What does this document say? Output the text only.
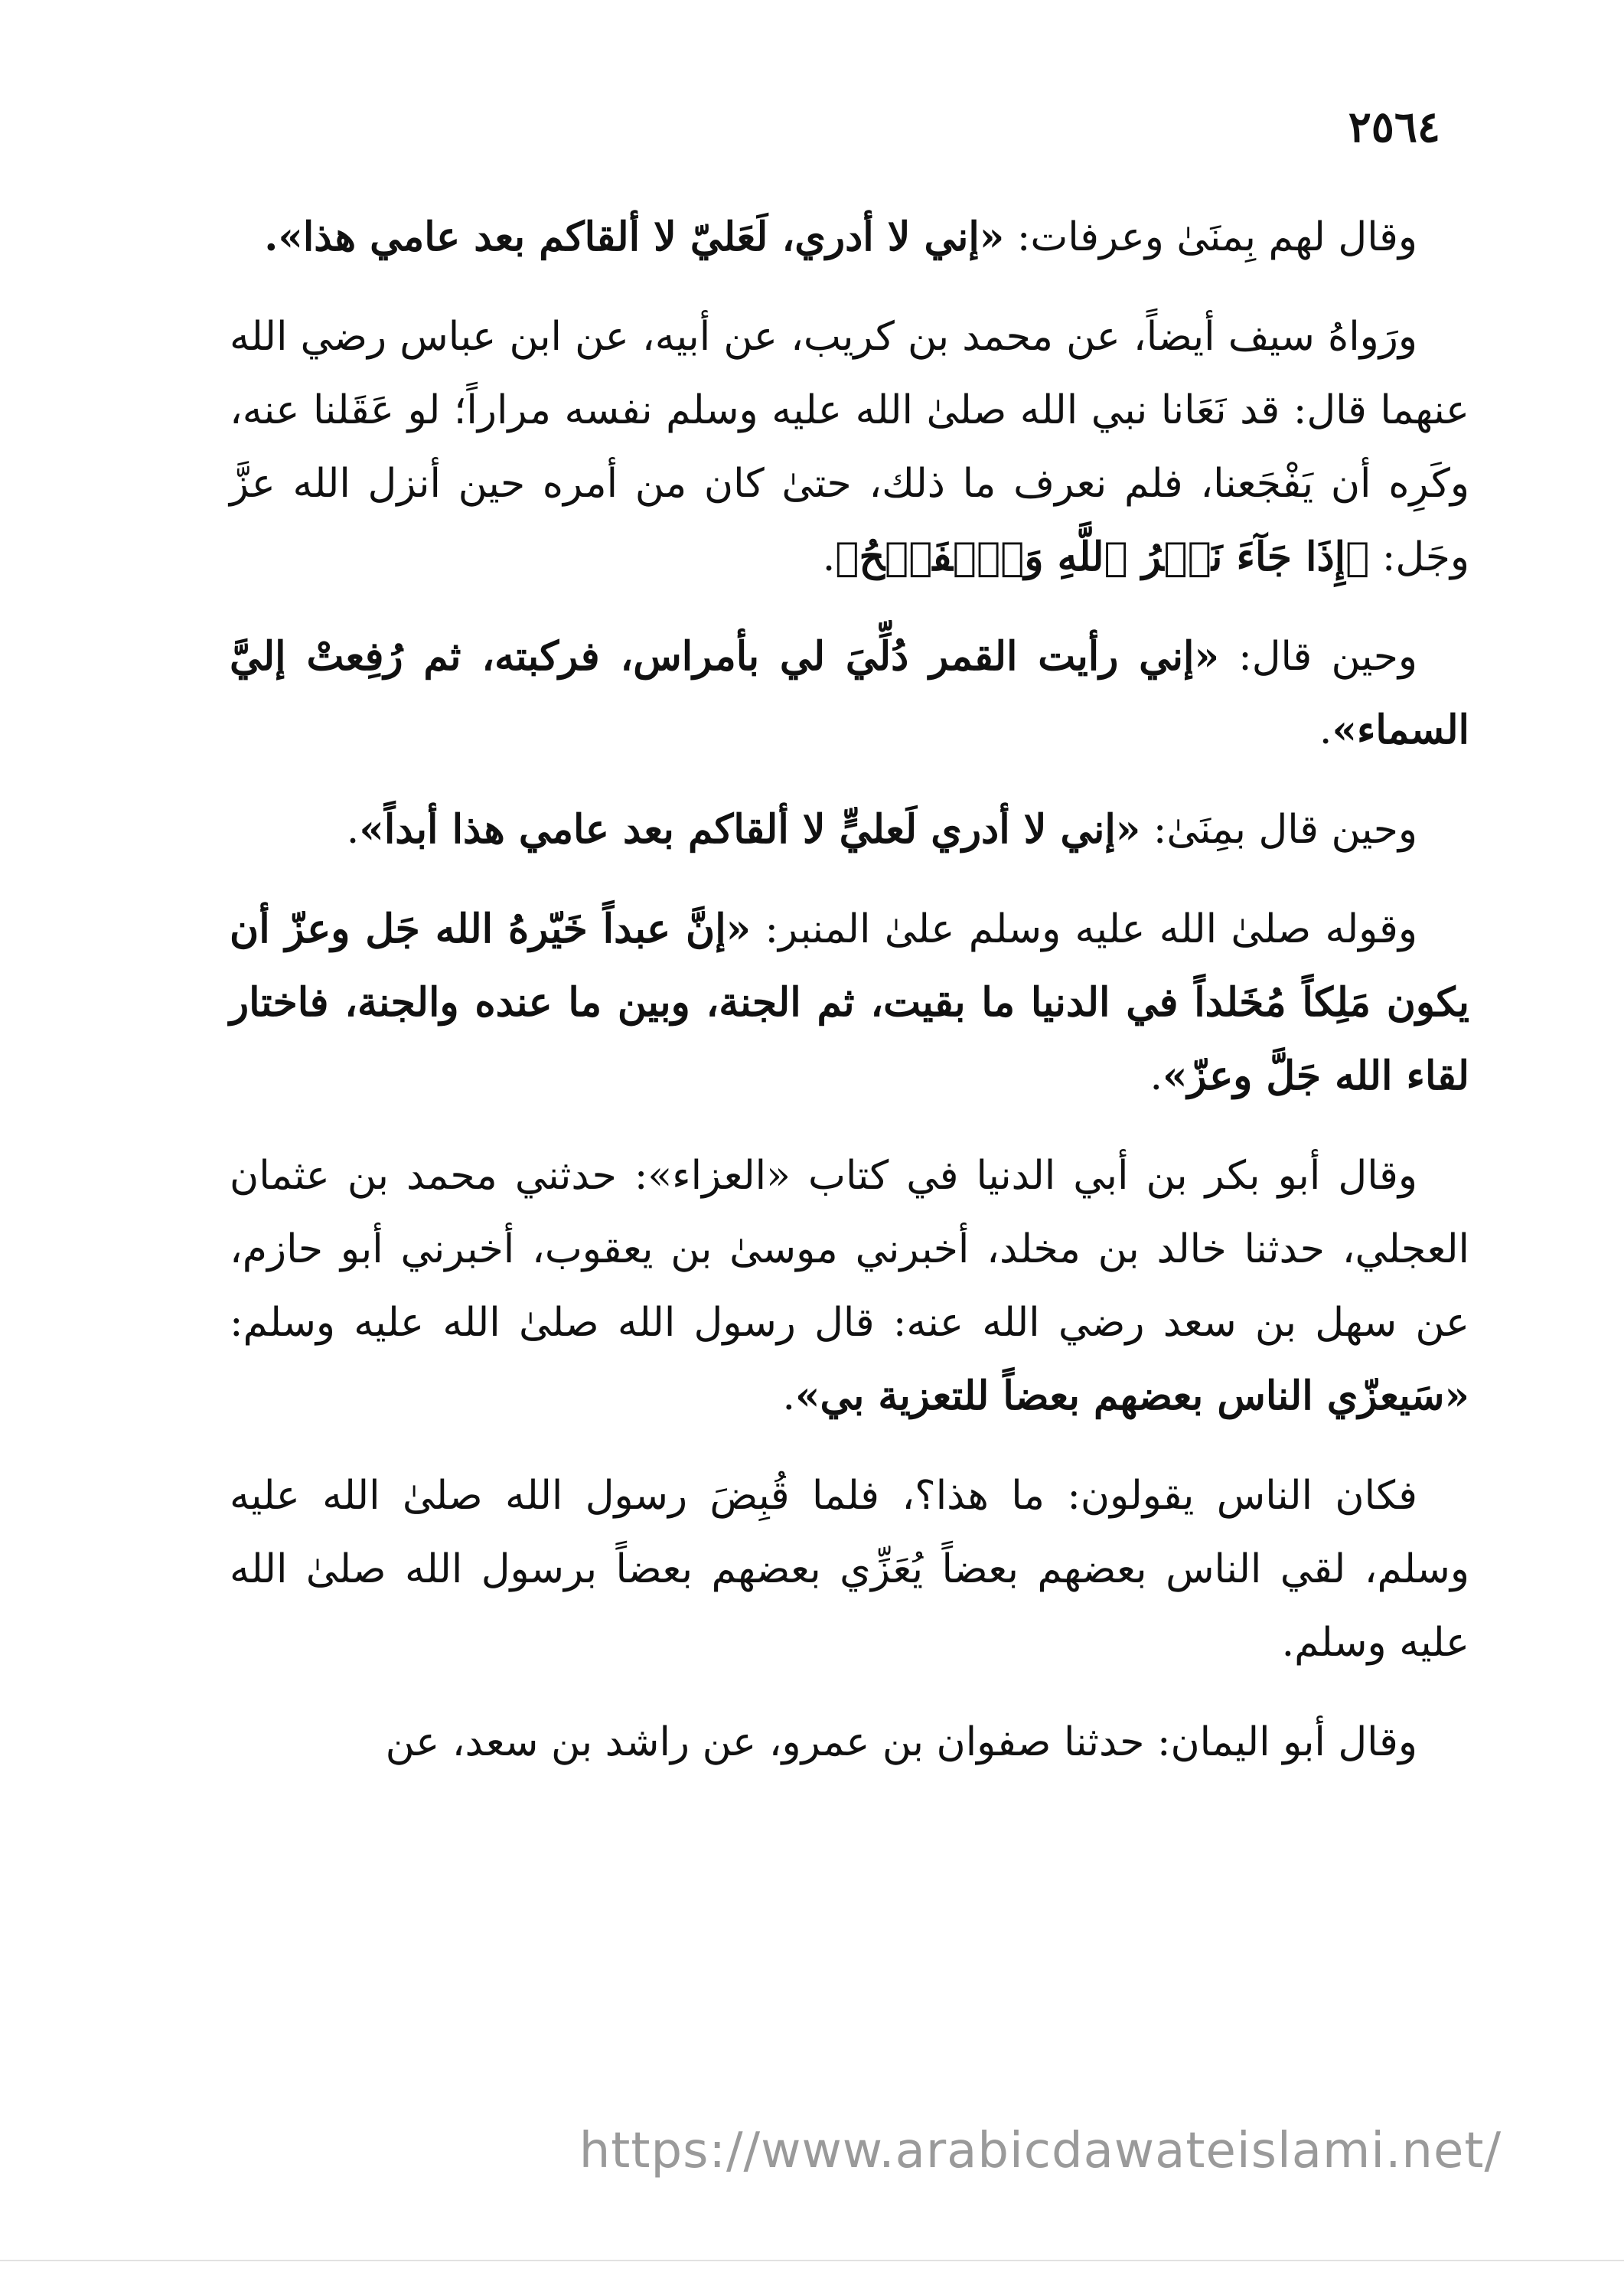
٢٥٦٤

وقال لهم بِمنَىٰ وعرفات: «إني لا أدري، لَعَليّ لا ألقاكم بعد عامي هذا».

ورَواهُ سيف أيضاً، عن محمد بن كريب، عن أبيه، عن ابن عباس رضي الله عنهما قال: قد نَعَانا نبي الله صلىٰ الله عليه وسلم نفسه مراراً؛ لو عَقَلنا عنه، وكَرِه أن يَفْجَعنا، فلم نعرف ما ذلك، حتىٰ كان من أمره حين أنزل الله عزَّ وجَل: ﴿إِذَا جَآءَ نَصۡرُ ٱللَّهِ وَٱلۡفَتۡحُ﴾.

وحين قال: «إني رأيت القمر دُلِّيَ لي بأمراس، فركبته، ثم رُفِعتْ إليَّ السماء».

وحين قال بمِنَىٰ: «إني لا أدري لَعليٍّ لا ألقاكم بعد عامي هذا أبداً».

وقوله صلىٰ الله عليه وسلم علىٰ المنبر: «إنَّ عبداً خَيّرهُ الله جَل وعزّ أن يكون مَلِكاً مُخَلداً في الدنيا ما بقيت، ثم الجنة، وبين ما عنده والجنة، فاختار لقاء الله جَلَّ وعزّ».

وقال أبو بكر بن أبي الدنيا في كتاب «العزاء»: حدثني محمد بن عثمان العجلي، حدثنا خالد بن مخلد، أخبرني موسىٰ بن يعقوب، أخبرني أبو حازم، عن سهل بن سعد رضي الله عنه: قال رسول الله صلىٰ الله عليه وسلم: «سَيعزّي الناس بعضهم بعضاً للتعزية بي».

فكان الناس يقولون: ما هذا؟، فلما قُبِضَ رسول الله صلىٰ الله عليه وسلم، لقي الناس بعضهم بعضاً يُعَزِّي بعضهم بعضاً برسول الله صلىٰ الله عليه وسلم.

وقال أبو اليمان: حدثنا صفوان بن عمرو، عن راشد بن سعد، عن

https://www.arabicdawateislami.net/
